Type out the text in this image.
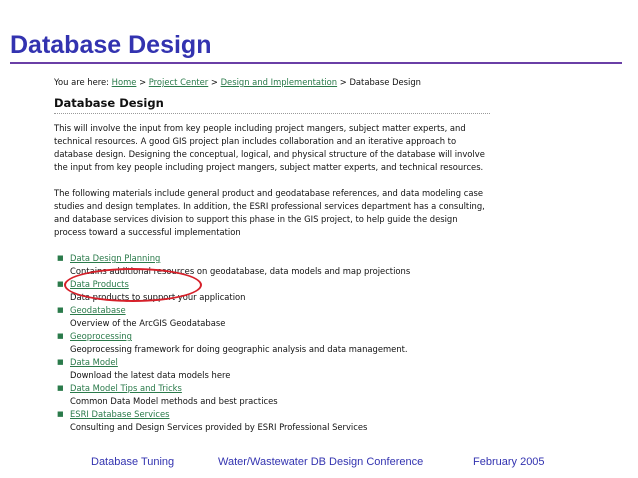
Database Design
You are here: Home > Project Center > Design and Implementation > Database Design
Database Design

This will involve the input from key people including project mangers, subject matter experts, and technical resources. A good GIS project plan includes collaboration and an iterative approach to database design. Designing the conceptual, logical, and physical structure of the database will involve the input from key people including project mangers, subject matter experts, and technical resources.

The following materials include general product and geodatabase references, and data modeling case studies and design templates. In addition, the ESRI professional services department has a consulting, and database services division to support this phase in the GIS project, to help guide the design process toward a successful implementation

■ Data Design Planning
Contains additional resources on geodatabase, data models and map projections
■ Data Products
Data products to support your application
■ Geodatabase
Overview of the ArcGIS Geodatabase
■ Geoprocessing
Geoprocessing framework for doing geographic analysis and data management.
■ Data Model
Download the latest data models here
■ Data Model Tips and Tricks
Common Data Model methods and best practices
■ ESRI Database Services
Consulting and Design Services provided by ESRI Professional Services
Database Tuning	Water/Wastewater DB Design Conference	February 2005
